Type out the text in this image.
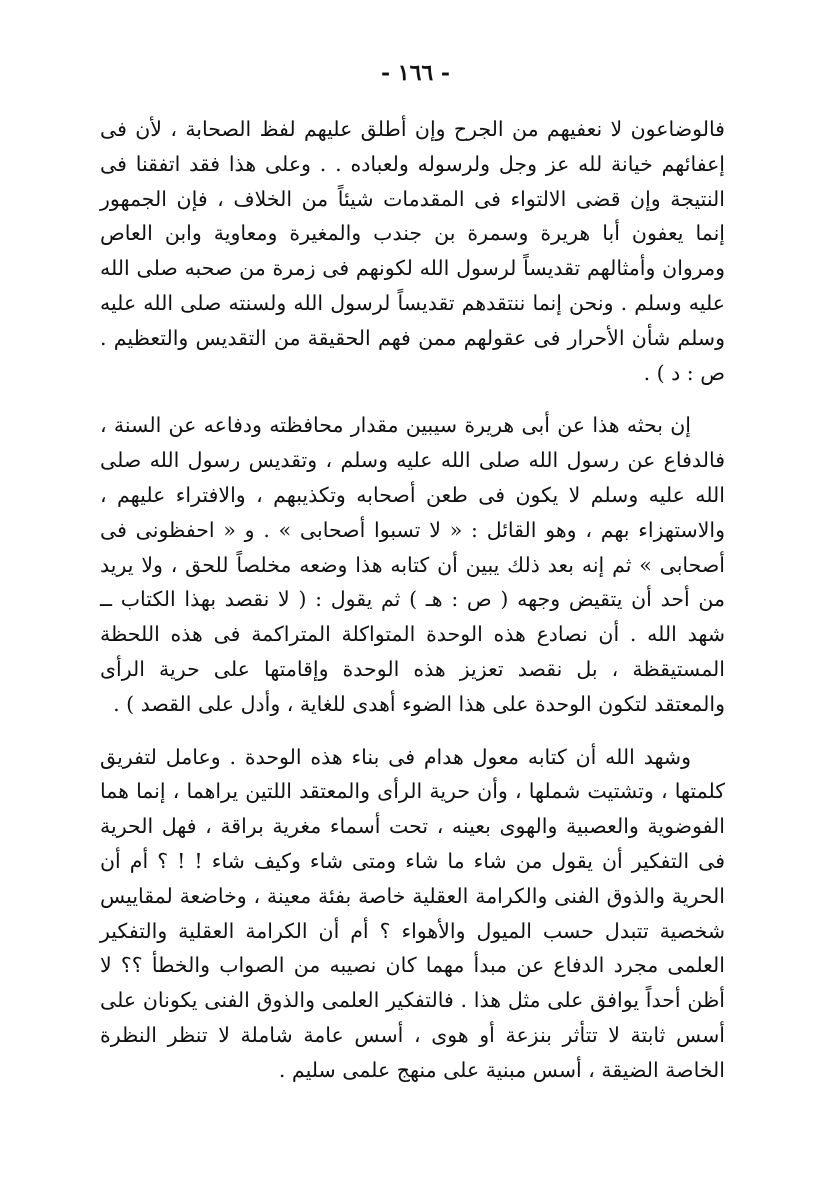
- ١٦٦ -

فالوضاعون لا نعفيهم من الجرح وإن أطلق عليهم لفظ الصحابة ، لأن فى إعفائهم خيانة لله عز وجل ولرسوله ولعباده . . وعلى هذا فقد اتفقنا فى النتيجة وإن قضى الالتواء فى المقدمات شيئاً من الخلاف ، فإن الجمهور إنما يعفون أبا هريرة وسمرة بن جندب والمغيرة ومعاوية وابن العاص ومروان وأمثالهم تقديساً لرسول الله لكونهم فى زمرة من صحبه صلى الله عليه وسلم . ونحن إنما ننتقدهم تقديساً لرسول الله ولسنته صلى الله عليه وسلم شأن الأحرار فى عقولهم ممن فهم الحقيقة من التقديس والتعظيم . ص : د ) .

إن بحثه هذا عن أبى هريرة سيبين مقدار محافظته ودفاعه عن السنة ، فالدفاع عن رسول الله صلى الله عليه وسلم ، وتقديس رسول الله صلى الله عليه وسلم لا يكون فى طعن أصحابه وتكذيبهم ، والافتراء عليهم ، والاستهزاء بهم ، وهو القائل : « لا تسبوا أصحابى » . و « احفظونى فى أصحابى » ثم إنه بعد ذلك يبين أن كتابه هذا وضعه مخلصاً للحق ، ولا يريد من أحد أن يتقيض وجهه ( ص : هـ ) ثم يقول : ( لا نقصد بهذا الكتاب ــ شهد الله . أن نصادع هذه الوحدة المتواكلة المتراكمة فى هذه اللحظة المستيقظة ، بل نقصد تعزيز هذه الوحدة وإقامتها على حرية الرأى والمعتقد لتكون الوحدة على هذا الضوء أهدى للغاية ، وأدل على القصد ) .

وشهد الله أن كتابه معول هدام فى بناء هذه الوحدة . وعامل لتفريق كلمتها ، وتشتيت شملها ، وأن حرية الرأى والمعتقد اللتين يراهما ، إنما هما الفوضوية والعصبية والهوى بعينه ، تحت أسماء مغرية براقة ، فهل الحرية فى التفكير أن يقول من شاء ما شاء ومتى شاء وكيف شاء ! ! ؟ أم أن الحرية والذوق الفنى والكرامة العقلية خاصة بفئة معينة ، وخاضعة لمقاييس شخصية تتبدل حسب الميول والأهواء ؟ أم أن الكرامة العقلية والتفكير العلمى مجرد الدفاع عن مبدأ مهما كان نصيبه من الصواب والخطأ ؟؟ لا أظن أحداً يوافق على مثل هذا . فالتفكير العلمى والذوق الفنى يكونان على أسس ثابتة لا تتأثر بنزعة أو هوى ، أسس عامة شاملة لا تنظر النظرة الخاصة الضيقة ، أسس مبنية على منهج علمى سليم .
